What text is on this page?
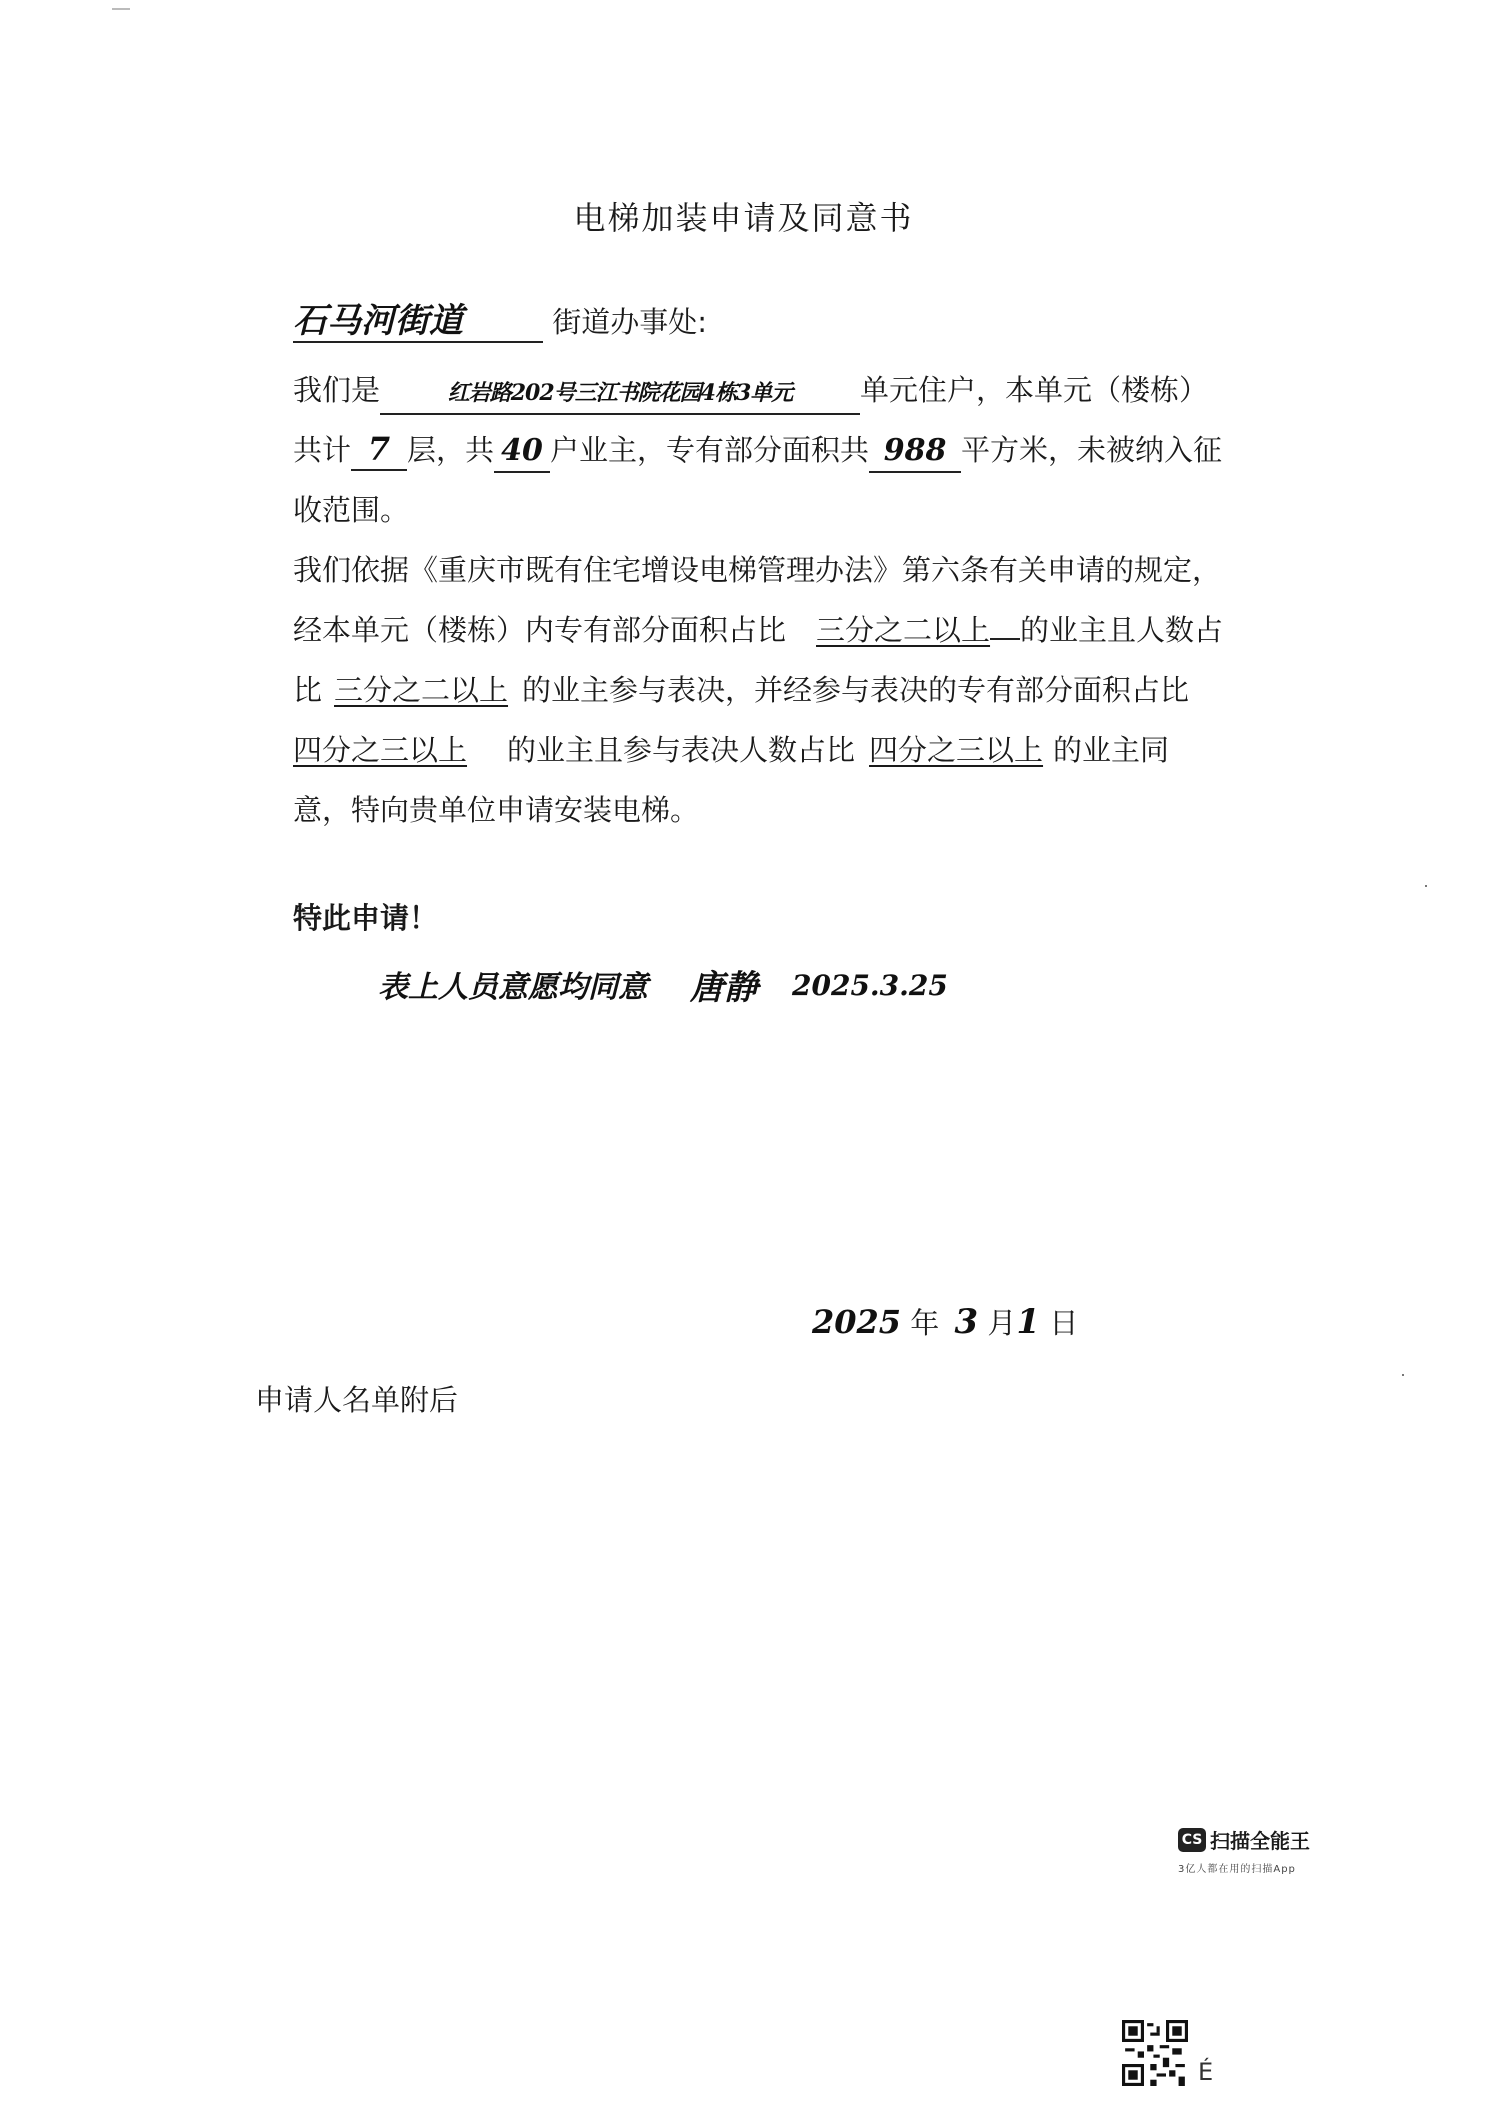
电梯加装申请及同意书
石马河街道	街道办事处:
我们是	红岩路202号三江书院花园4栋3单元 单元住户，本单元（楼栋）
共计 7 层，共 40 户业主，专有部分面积共 988 平方米，未被纳入征
收范围。
我们依据《重庆市既有住宅增设电梯管理办法》第六条有关申请的规定，
经本单元（楼栋）内专有部分面积占比 三分之二以上 的业主且人数占
比 三分之二以上 的业主参与表决，并经参与表决的专有部分面积占比
四分之三以上 的业主且参与表决人数占比 四分之三以上 的业主同
意，特向贵单位申请安装电梯。
特此申请！
表上人员意愿均同意 唐静 2025.3.25
2025 年 3 月1 日
申请人名单附后
CS 扫描全能王
3亿人都在用的扫描App
É
